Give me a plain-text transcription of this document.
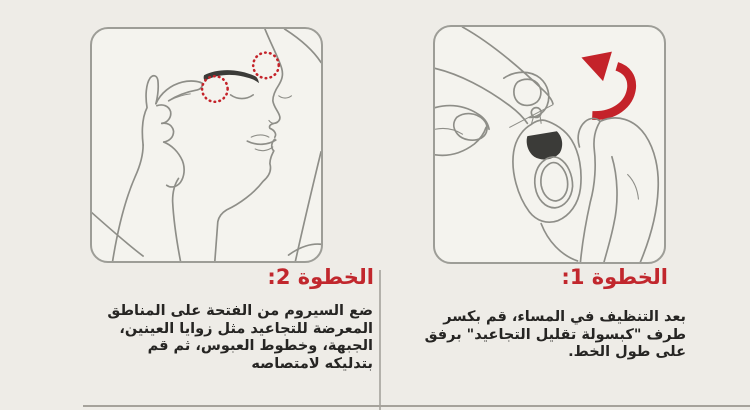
الخطوة 1:
بعد التنظيف في المساء، قم بكسر
طرف "كبسولة تقليل التجاعيد" برفق
على طول الخط.
الخطوة 2:
ضع السيروم من الفتحة على المناطق
المعرضة للتجاعيد مثل زوايا العينين،
الجبهة، وخطوط العبوس، ثم قم
بتدليكه لامتصاصه
